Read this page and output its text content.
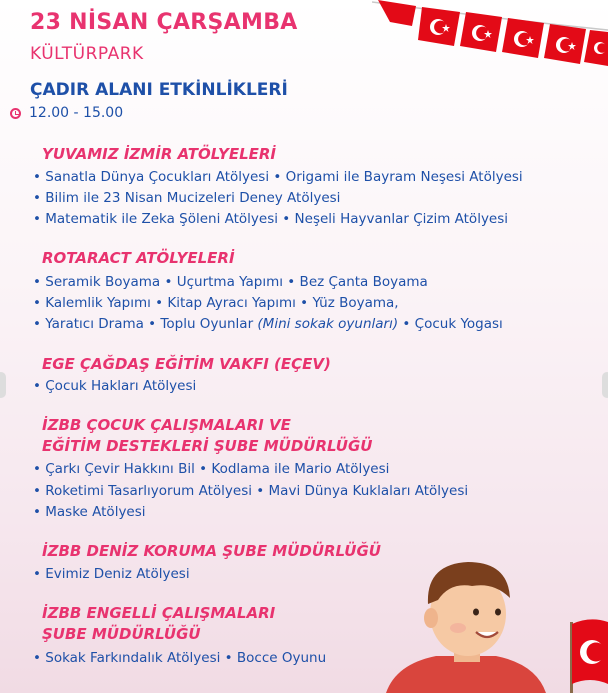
23 NİSAN ÇARŞAMBA
KÜLTÜRPARK
ÇADIR ALANI ETKİNLİKLERİ
12.00 - 15.00
YUVAMIZ İZMİR ATÖLYELERİ
• Sanatla Dünya Çocukları Atölyesi • Origami ile Bayram Neşesi Atölyesi
• Bilim ile 23 Nisan Mucizeleri Deney Atölyesi
• Matematik ile Zeka Şöleni Atölyesi • Neşeli Hayvanlar Çizim Atölyesi
ROTARACT ATÖLYELERİ
• Seramik Boyama • Uçurtma Yapımı • Bez Çanta Boyama
• Kalemlik Yapımı • Kitap Ayracı Yapımı • Yüz Boyama,
• Yaratıcı Drama • Toplu Oyunlar (Mini sokak oyunları) • Çocuk Yogası
EGE ÇAĞDAŞ EĞİTİM VAKFI (EÇEV)
• Çocuk Hakları Atölyesi
İZBB ÇOCUK ÇALIŞMALARI VE
EĞİTİM DESTEKLERİ ŞUBE MÜDÜRLÜĞÜ
• Çarkı Çevir Hakkını Bil • Kodlama ile Mario Atölyesi
• Roketimi Tasarlıyorum Atölyesi • Mavi Dünya Kuklaları Atölyesi
• Maske Atölyesi
İZBB DENİZ KORUMA ŞUBE MÜDÜRLÜĞÜ
• Evimiz Deniz Atölyesi
İZBB ENGELLİ ÇALIŞMALARI
ŞUBE MÜDÜRLÜĞÜ
• Sokak Farkındalık Atölyesi • Bocce Oyunu
